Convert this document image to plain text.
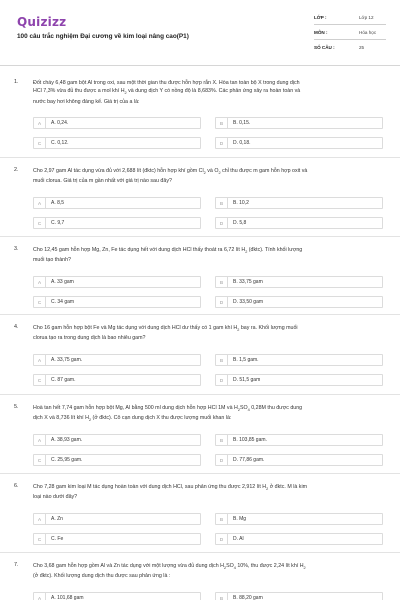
Quizizz
100 câu trắc nghiệm Đại cương về kim loại nâng cao(P1)
LỚP :	Lớp 12
MÔN :	Hóa học
SỐ CÂU :	25
1.	Đốt cháy 6,48 gam bột Al trong oxi, sau một thời gian thu được hỗn hợp rắn X. Hòa tan toàn bộ X trong dung dịch
HCl 7,3% vừa đủ thu được a mol khí $H_2$ và dung dịch Y có nồng độ là 8,683%. Các phản ứng xảy ra hoàn toàn và
nước bay hơi không đáng kể. Giá trị của a là:
A	A. 0,24.	B	B. 0,15.
C	C. 0,12.	D	D. 0,18.
2.	Cho 2,97 gam Al tác dụng vừa đủ với 2,688 lít (đktc) hỗn hợp khí gồm $Cl_2$ và $O_2$ chỉ thu được m gam hỗn hợp oxit và
muối clorua. Giá trị của m gần nhất với giá trị nào sau đây?
A	A. 8,5	B	B. 10,2
C	C. 9,7	D	D. 5,8
3.	Cho 12,45 gam hỗn hợp Mg, Zn, Fe tác dụng hết với dung dịch HCl thấy thoát ra 6,72 lít $H_2$ (đktc). Tính khối lượng
muối tạo thành?
A	A. 33 gam	B	B. 33,75 gam
C	C. 34 gam	D	D. 33,50 gam
4.	Cho 16 gam hỗn hợp bột Fe và Mg tác dụng với dung dịch HCl dư thấy có 1 gam khí $H_2$ bay ra. Khối lượng muối
clorua tạo ra trong dung dịch là bao nhiêu gam?
A	A. 33,75 gam.	B	B. 1,5 gam.
C	C. 87 gam.	D	D. 51,5 gam
5.	Hoà tan hết 7,74 gam hỗn hợp bột Mg, Al bằng 500 ml dung dịch hỗn hợp HCl 1M và $H_2SO_4$ 0,28M thu được dung
dịch X và 8,736 lít khí $H_2$ (ở đktc). Cô cạn dung dịch X thu được lượng muối khan là:
A	A. 38,93 gam.	B	B. 103,85 gam.
C	C. 25,95 gam.	D	D. 77,86 gam.
6.	Cho 7,28 gam kim loại M tác dụng hoàn toàn với dung dịch HCl, sau phản ứng thu được 2,912 lít $H_2$ ở đktc. M là kim
loại nào dưới đây?
A	A. Zn	B	B. Mg
C	C. Fe	D	D. Al
7.	Cho 3,68 gam hỗn hợp gồm Al và Zn tác dụng với một lượng vừa đủ dung dịch $H_2SO_4$ 10%, thu được 2,24 lít khí $H_2$
(ở đktc). Khối lượng dung dịch thu được sau phản ứng là :
A	A. 101,68 gam	B	B. 88,20 gam
